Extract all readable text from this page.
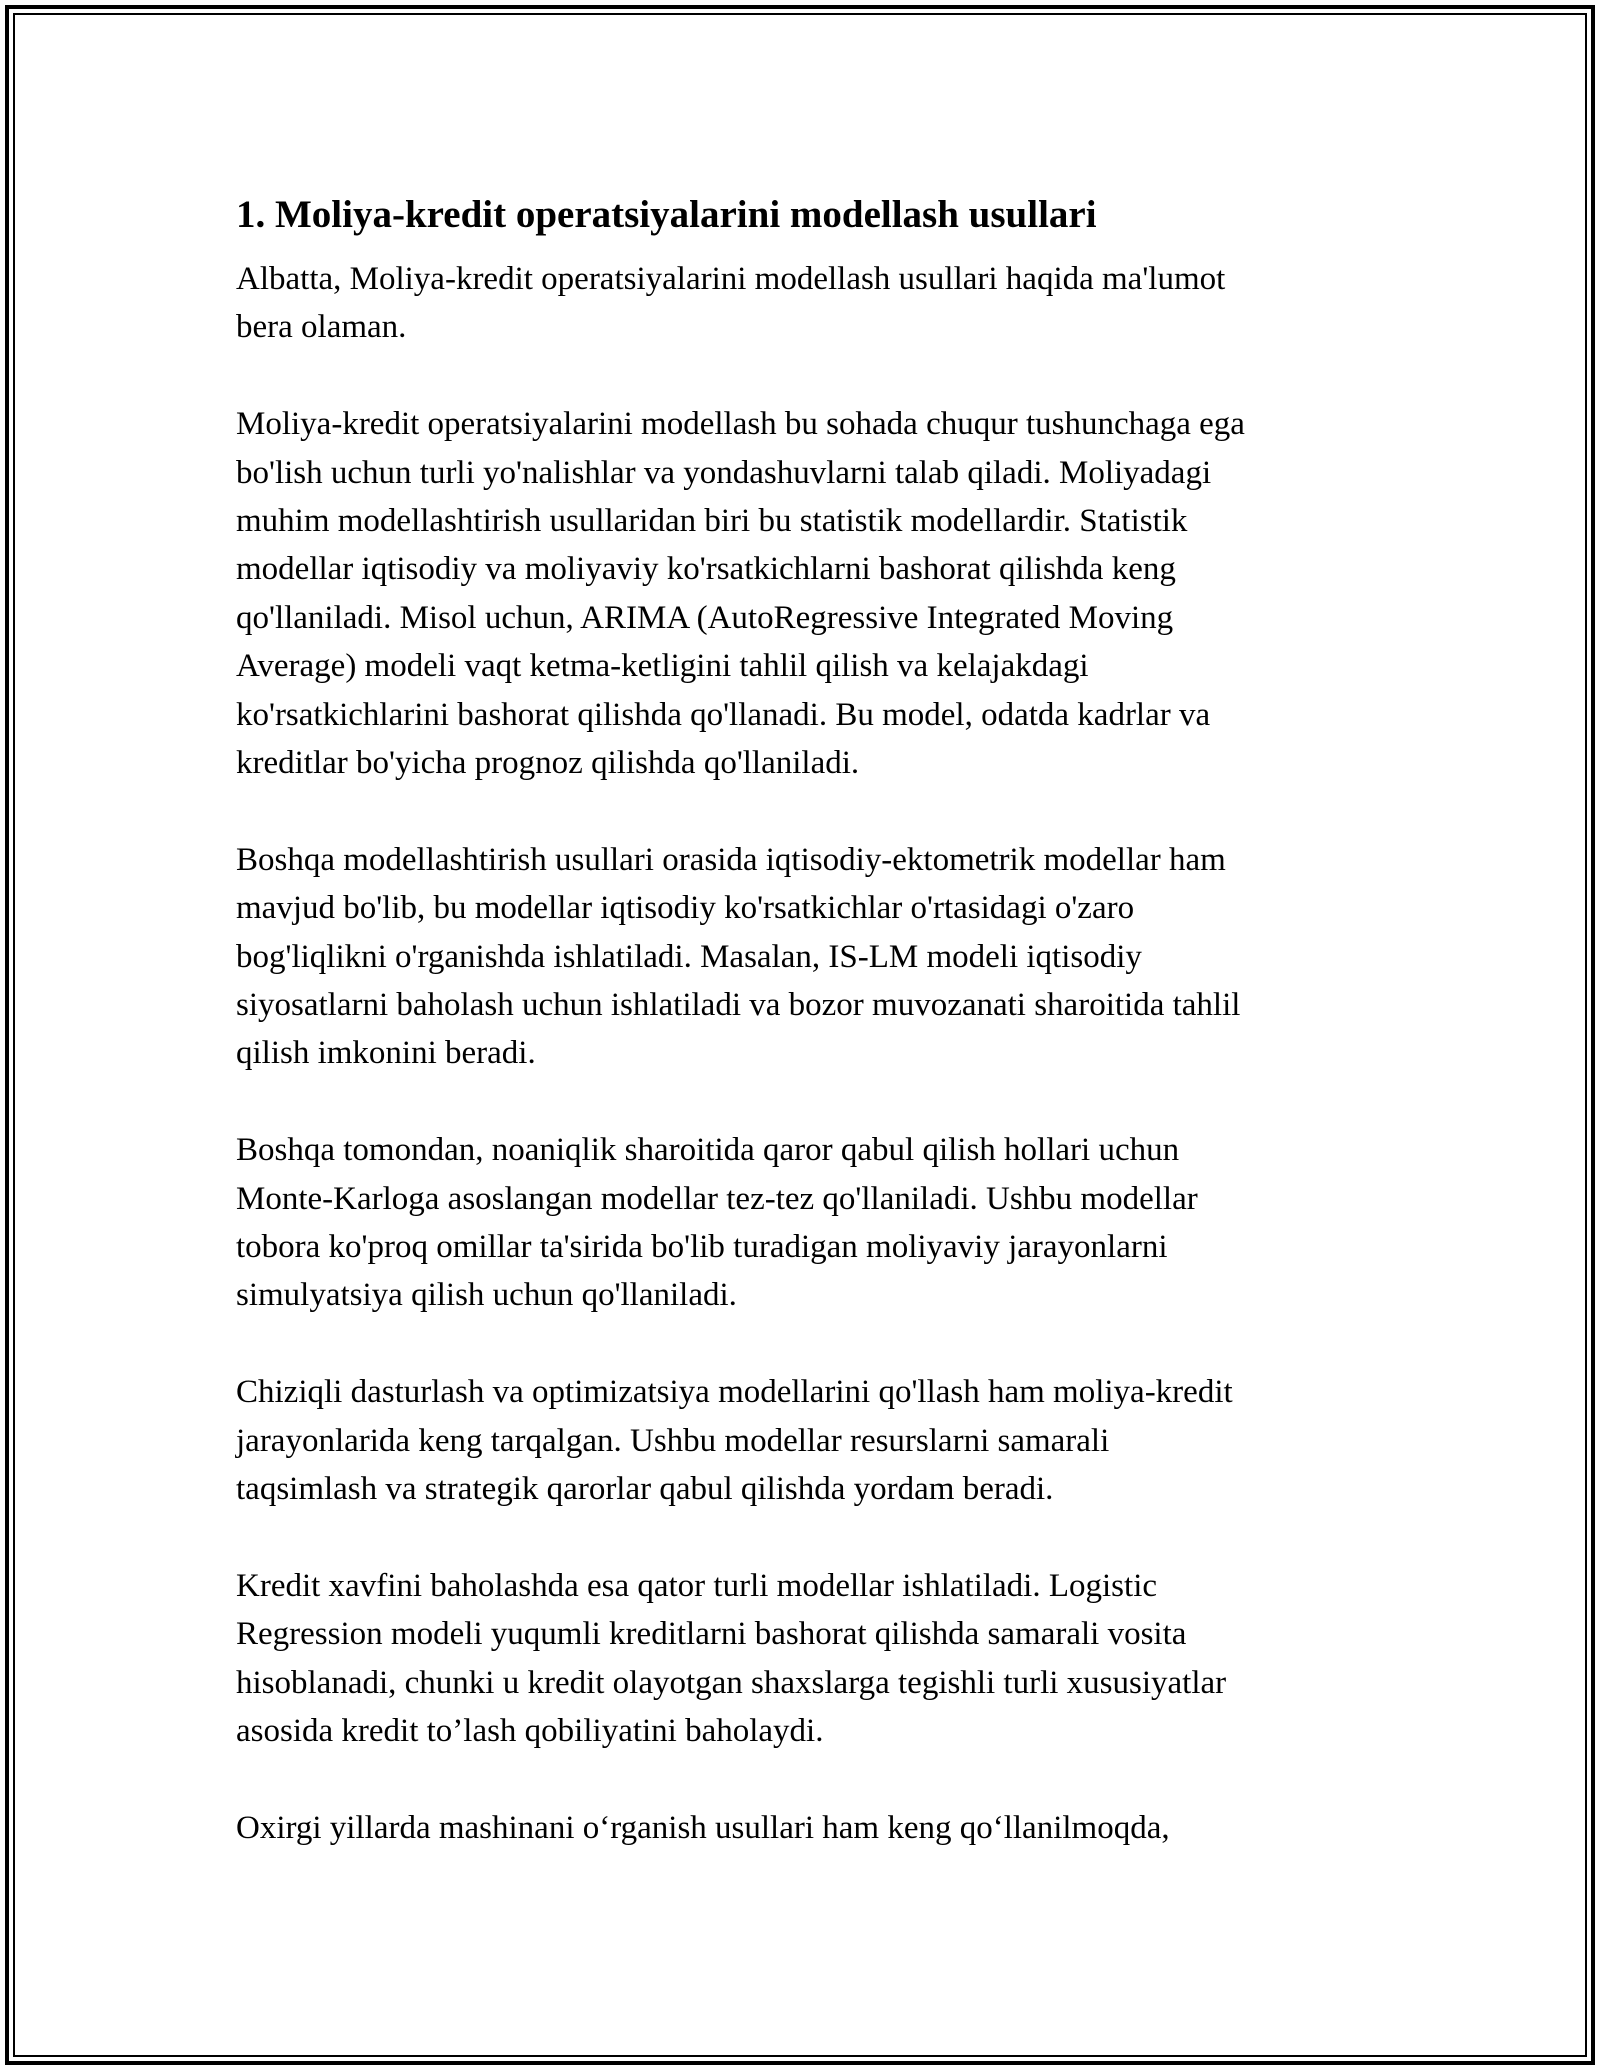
1. Moliya-kredit operatsiyalarini modellash usullari

Albatta, Moliya-kredit operatsiyalarini modellash usullari haqida ma'lumot
bera olaman.

Moliya-kredit operatsiyalarini modellash bu sohada chuqur tushunchaga ega
bo'lish uchun turli yo'nalishlar va yondashuvlarni talab qiladi. Moliyadagi
muhim modellashtirish usullaridan biri bu statistik modellardir. Statistik
modellar iqtisodiy va moliyaviy ko'rsatkichlarni bashorat qilishda keng
qo'llaniladi. Misol uchun, ARIMA (AutoRegressive Integrated Moving
Average) modeli vaqt ketma-ketligini tahlil qilish va kelajakdagi
ko'rsatkichlarini bashorat qilishda qo'llanadi. Bu model, odatda kadrlar va
kreditlar bo'yicha prognoz qilishda qo'llaniladi.

Boshqa modellashtirish usullari orasida iqtisodiy-ektometrik modellar ham
mavjud bo'lib, bu modellar iqtisodiy ko'rsatkichlar o'rtasidagi o'zaro
bog'liqlikni o'rganishda ishlatiladi. Masalan, IS-LM modeli iqtisodiy
siyosatlarni baholash uchun ishlatiladi va bozor muvozanati sharoitida tahlil
qilish imkonini beradi.

Boshqa tomondan, noaniqlik sharoitida qaror qabul qilish hollari uchun
Monte-Karloga asoslangan modellar tez-tez qo'llaniladi. Ushbu modellar
tobora ko'proq omillar ta'sirida bo'lib turadigan moliyaviy jarayonlarni
simulyatsiya qilish uchun qo'llaniladi.

Chiziqli dasturlash va optimizatsiya modellarini qo'llash ham moliya-kredit
jarayonlarida keng tarqalgan. Ushbu modellar resurslarni samarali
taqsimlash va strategik qarorlar qabul qilishda yordam beradi.

Kredit xavfini baholashda esa qator turli modellar ishlatiladi. Logistic
Regression modeli yuqumli kreditlarni bashorat qilishda samarali vosita
hisoblanadi, chunki u kredit olayotgan shaxslarga tegishli turli xususiyatlar
asosida kredit to’lash qobiliyatini baholaydi.

Oxirgi yillarda mashinani o‘rganish usullari ham keng qo‘llanilmoqda,
